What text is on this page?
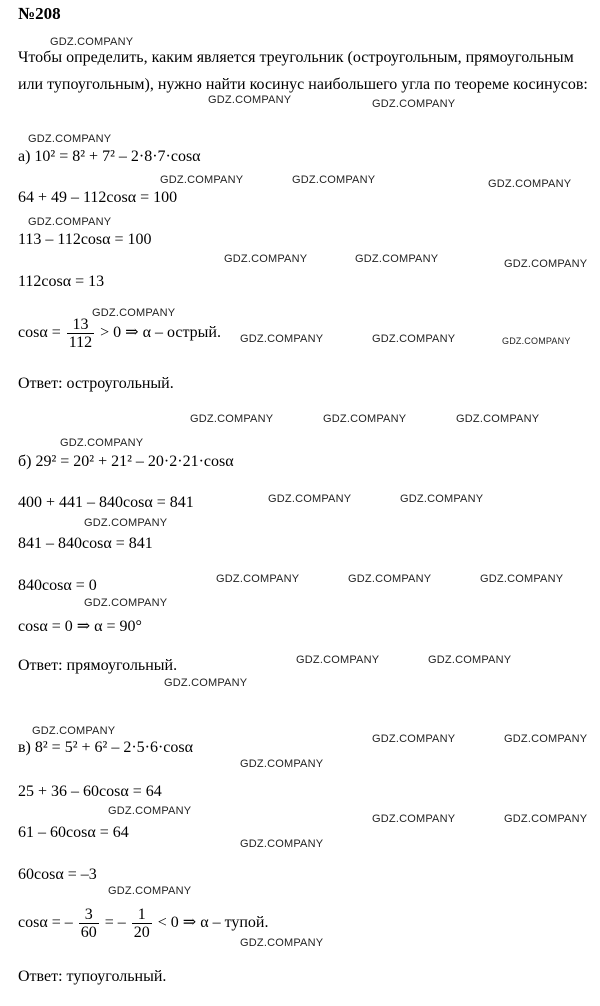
№208
Чтобы определить, каким является треугольник (остроугольным, прямоугольным или тупоугольным), нужно найти косинус наибольшего угла по теореме косинусов:
а) 10² = 8² + 7² – 2·8·7·cosα
64 + 49 – 112cosα = 100
113 – 112cosα = 100
112cosα = 13
$\cos\alpha = \frac{13}{112} > 0$ ⇒ α – острый.
Ответ: остроугольный.
б) 29² = 20² + 21² – 20·2·21·cosα
400 + 441 – 840cosα = 841
841 – 840cosα = 841
840cosα = 0
cosα = 0 ⇒ α = 90°
Ответ: прямоугольный.
в) 8² = 5² + 6² – 2·5·6·cosα
25 + 36 – 60cosα = 64
61 – 60cosα = 64
60cosα = –3
cosα = – $\frac{3}{60}$ = – $\frac{1}{20} < 0$ ⇒ α – тупой.
Ответ: тупоугольный.
GDZ.COMPANY
GDZ.COMPANY	GDZ.COMPANY
GDZ.COMPANY
GDZ.COMPANY	GDZ.COMPANY	GDZ.COMPANY
GDZ.COMPANY
GDZ.COMPANY	GDZ.COMPANY	GDZ.COMPANY
GDZ.COMPANY
GDZ.COMPANY	GDZ.COMPANY	GDZ.COMPANY
GDZ.COMPANY	GDZ.COMPANY	GDZ.COMPANY
GDZ.COMPANY
GDZ.COMPANY	GDZ.COMPANY
GDZ.COMPANY
GDZ.COMPANY	GDZ.COMPANY	GDZ.COMPANY
GDZ.COMPANY
GDZ.COMPANY	GDZ.COMPANY
GDZ.COMPANY
GDZ.COMPANY
GDZ.COMPANY	GDZ.COMPANY
GDZ.COMPANY
GDZ.COMPANY
GDZ.COMPANY	GDZ.COMPANY
GDZ.COMPANY
GDZ.COMPANY
GDZ.COMPANY
